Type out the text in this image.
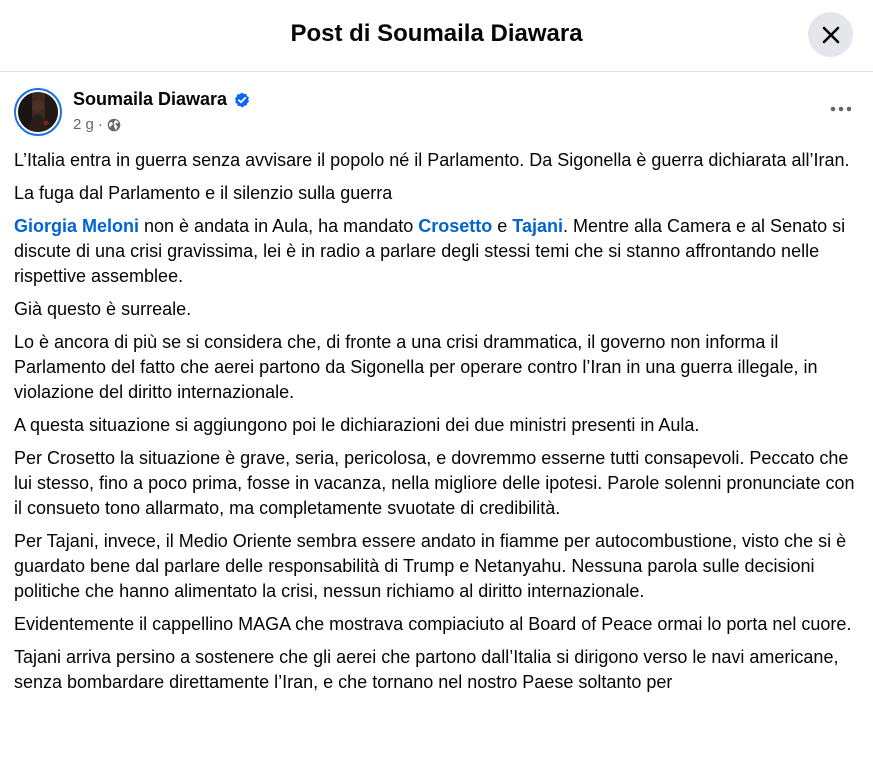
Post di Soumaila Diawara
Soumaila Diawara
2 g ·

L’Italia entra in guerra senza avvisare il popolo né il Parlamento. Da Sigonella è guerra dichiarata all’Iran.

La fuga dal Parlamento e il silenzio sulla guerra

Giorgia Meloni non è andata in Aula, ha mandato Crosetto e Tajani. Mentre alla Camera e al Senato si discute di una crisi gravissima, lei è in radio a parlare degli stessi temi che si stanno affrontando nelle rispettive assemblee.

Già questo è surreale.

Lo è ancora di più se si considera che, di fronte a una crisi drammatica, il governo non informa il Parlamento del fatto che aerei partono da Sigonella per operare contro l’Iran in una guerra illegale, in violazione del diritto internazionale.

A questa situazione si aggiungono poi le dichiarazioni dei due ministri presenti in Aula.

Per Crosetto la situazione è grave, seria, pericolosa, e dovremmo esserne tutti consapevoli. Peccato che lui stesso, fino a poco prima, fosse in vacanza, nella migliore delle ipotesi. Parole solenni pronunciate con il consueto tono allarmato, ma completamente svuotate di credibilità.

Per Tajani, invece, il Medio Oriente sembra essere andato in fiamme per autocombustione, visto che si è guardato bene dal parlare delle responsabilità di Trump e Netanyahu. Nessuna parola sulle decisioni politiche che hanno alimentato la crisi, nessun richiamo al diritto internazionale.

Evidentemente il cappellino MAGA che mostrava compiaciuto al Board of Peace ormai lo porta nel cuore.

Tajani arriva persino a sostenere che gli aerei che partono dall’Italia si dirigono verso le navi americane, senza bombardare direttamente l’Iran, e che tornano nel nostro Paese soltanto per
